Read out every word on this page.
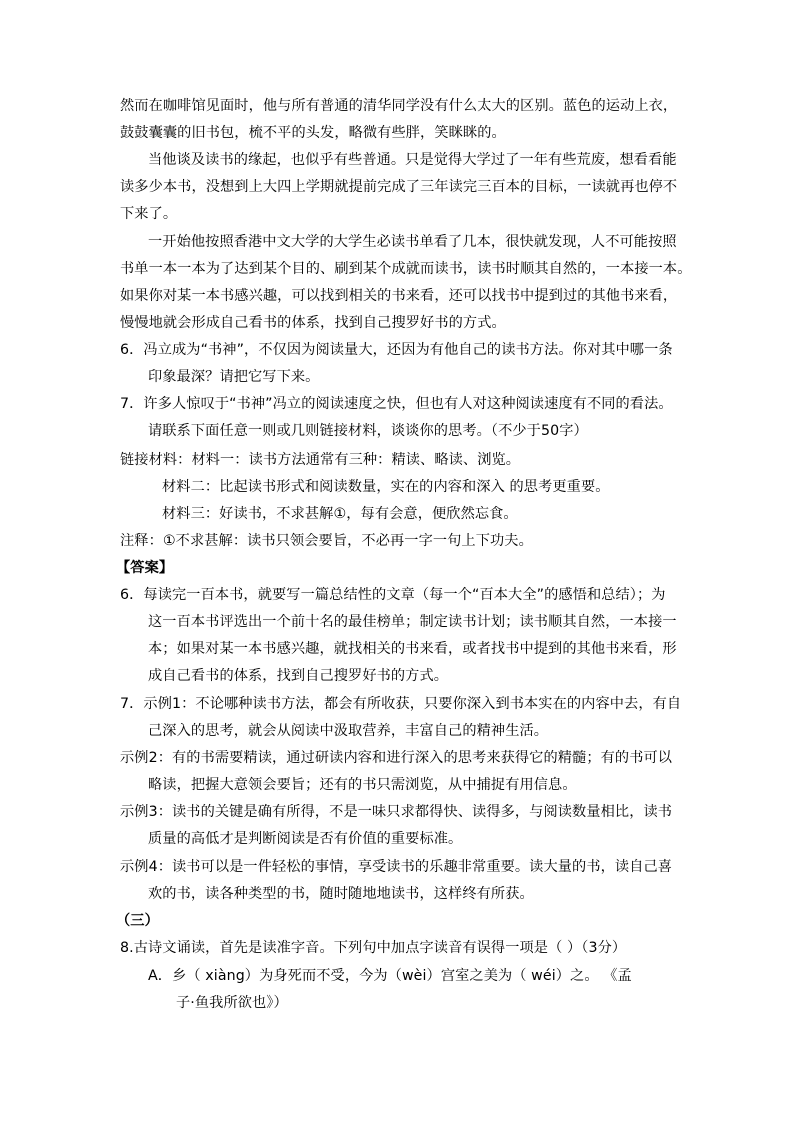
然而在咖啡馆见面时，他与所有普通的清华同学没有什么太大的区别。蓝色的运动上衣，
鼓鼓囊囊的旧书包，梳不平的头发，略微有些胖，笑眯眯的。
当他谈及读书的缘起，也似乎有些普通。只是觉得大学过了一年有些荒废，想看看能
读多少本书，没想到上大四上学期就提前完成了三年读完三百本的目标，一读就再也停不
下来了。
一开始他按照香港中文大学的大学生必读书单看了几本，很快就发现，人不可能按照
书单一本一本为了达到某个目的、刷到某个成就而读书，读书时顺其自然的，一本接一本。
如果你对某一本书感兴趣，可以找到相关的书来看，还可以找书中提到过的其他书来看，
慢慢地就会形成自己看书的体系，找到自己搜罗好书的方式。
6．冯立成为“书神”，不仅因为阅读量大，还因为有他自己的读书方法。你对其中哪一条
印象最深？请把它写下来。
7．许多人惊叹于“书神”冯立的阅读速度之快，但也有人对这种阅读速度有不同的看法。
请联系下面任意一则或几则链接材料，谈谈你的思考。（不少于50字）
链接材料：材料一：读书方法通常有三种：精读、略读、浏览。
材料二：比起读书形式和阅读数量，实在的内容和深入 的思考更重要。
材料三：好读书，不求甚解①，每有会意，便欣然忘食。
注释：①不求甚解：读书只领会要旨，不必再一字一句上下功夫。
【答案】
6．每读完一百本书，就要写一篇总结性的文章（每一个“百本大全”的感悟和总结）；为
这一百本书评选出一个前十名的最佳榜单；制定读书计划；读书顺其自然，一本接一
本；如果对某一本书感兴趣，就找相关的书来看，或者找书中提到的其他书来看，形
成自己看书的体系，找到自己搜罗好书的方式。
7．示例1：不论哪种读书方法，都会有所收获，只要你深入到书本实在的内容中去，有自
己深入的思考，就会从阅读中汲取营养，丰富自己的精神生活。
示例2：有的书需要精读，通过研读内容和进行深入的思考来获得它的精髓；有的书可以
略读，把握大意领会要旨；还有的书只需浏览，从中捕捉有用信息。
示例3：读书的关键是确有所得，不是一味只求都得快、读得多，与阅读数量相比，读书
质量的高低才是判断阅读是否有价值的重要标准。
示例4：读书可以是一件轻松的事情，享受读书的乐趣非常重要。读大量的书，读自己喜
欢的书，读各种类型的书，随时随地地读书，这样终有所获。
（三）
8.古诗文诵读，首先是读准字音。下列句中加点字读音有误得一项是（ ）（3分）
A．乡（ xiàng）为身死而不受，今为（wèi）宫室之美为（ wéi）之。 《孟
子·鱼我所欲也》）
